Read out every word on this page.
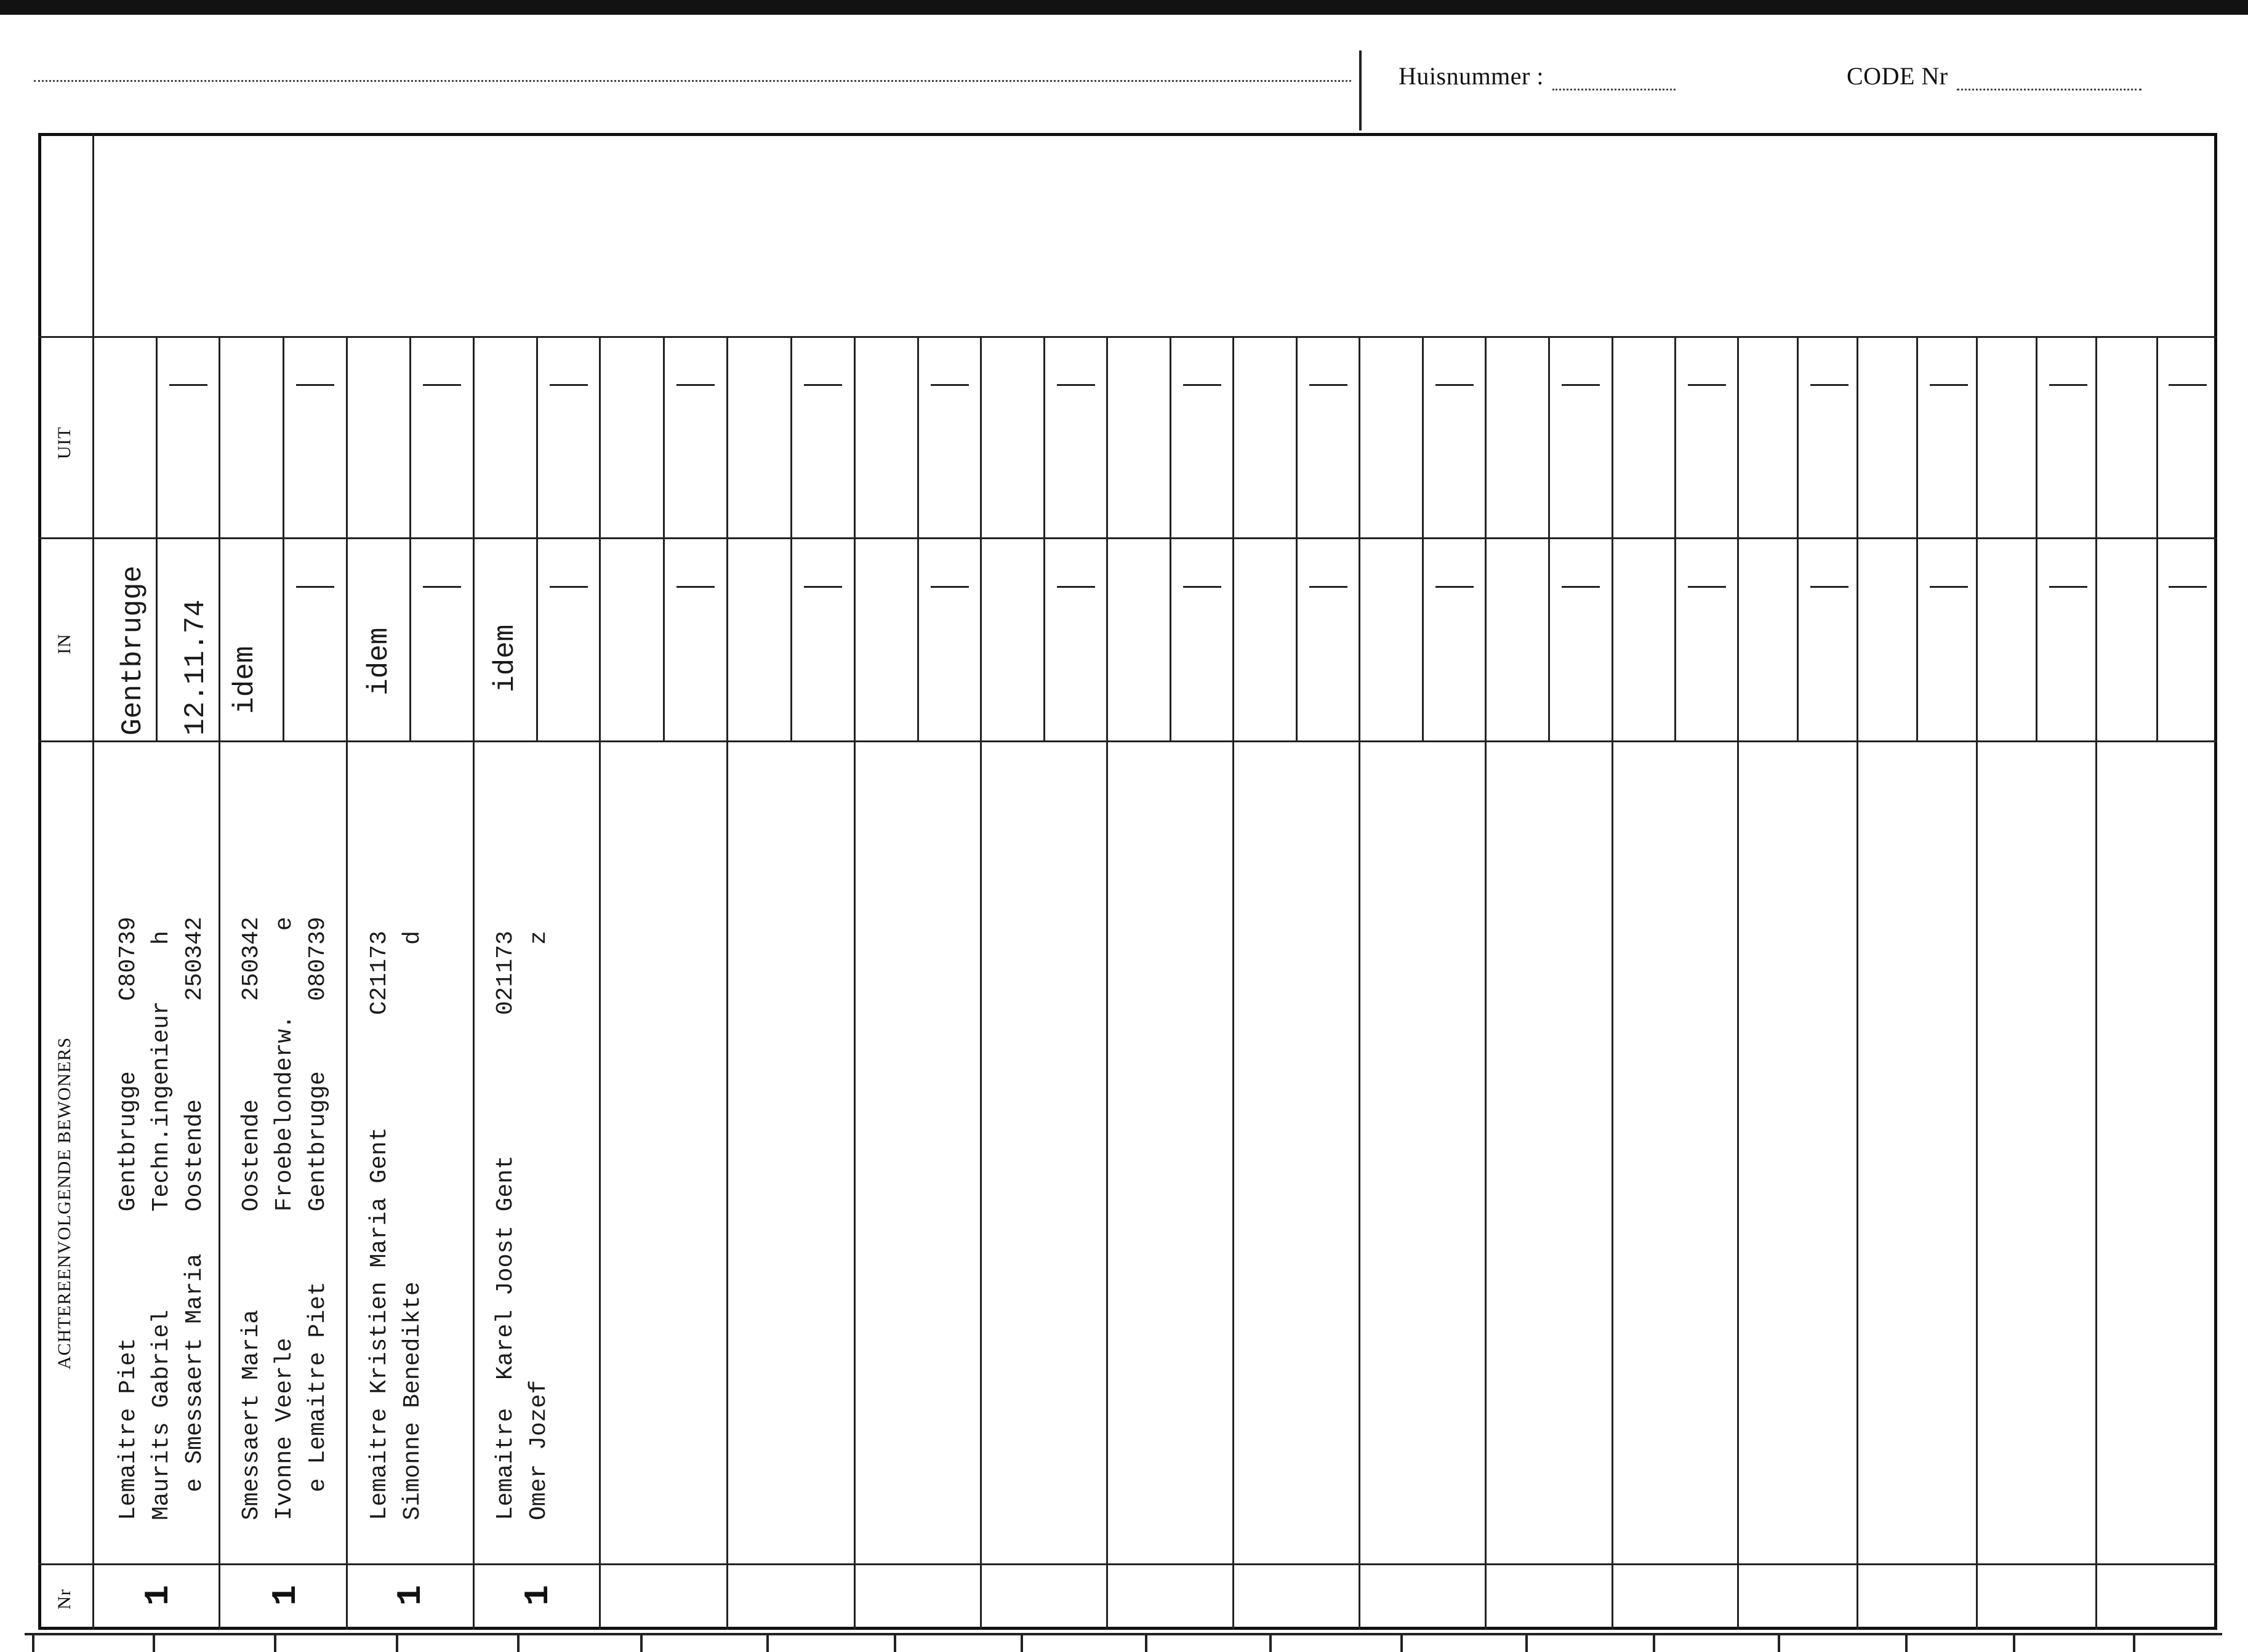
Huisnummer :	CODE Nr
Nr
ACHTEREENVOLGENDE BEWONERS
IN
UIT
1
Lemaitre Piet         Gentbrugge     C80739 Maurits Gabriel       Techn.ingenieur    h e Smessaert Maria   Oostende       250342
Gentbrugge 12.11.74
1
Smessaert Maria       Oostende       250342 Ivonne Veerle         Froebelonderw.      e e Lemaitre Piet     Gentbrugge     080739
idem
1
Lemaitre Kristien Maria Gent        C21173 Simonne Benedikte                        d
idem
1
Lemaitre  Karel Joost Gent          021173 Omer Jozef                               z
idem
